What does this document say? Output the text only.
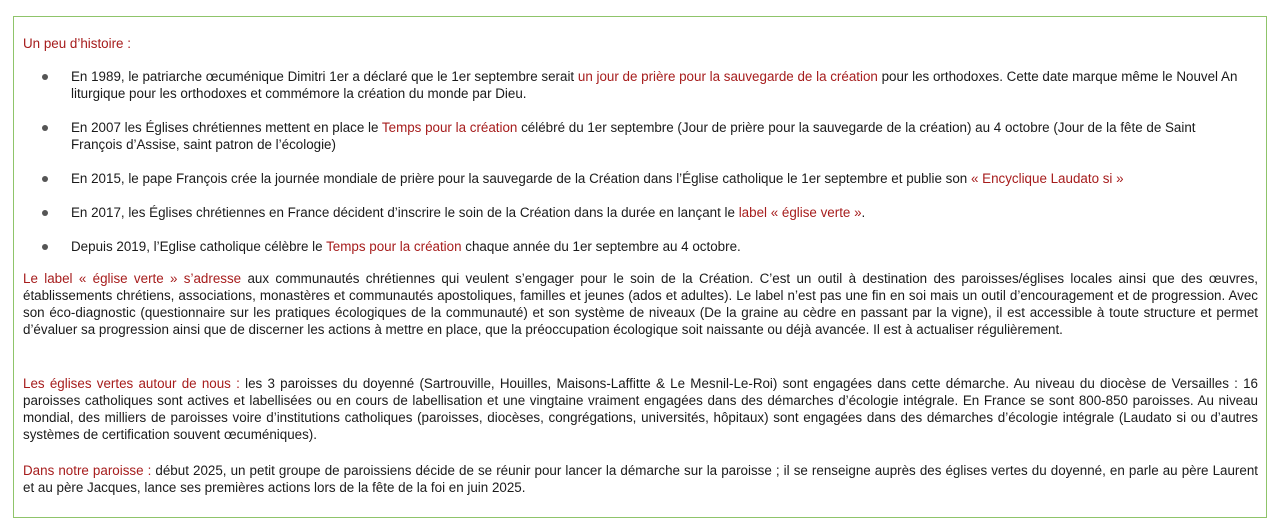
Un peu d’histoire :
En 1989, le patriarche œcuménique Dimitri 1er a déclaré que le 1er septembre serait un jour de prière pour la sauvegarde de la création pour les orthodoxes. Cette date marque même le Nouvel An liturgique pour les orthodoxes et commémore la création du monde par Dieu.
En 2007 les Églises chrétiennes mettent en place le Temps pour la création célébré du 1er septembre (Jour de prière pour la sauvegarde de la création) au 4 octobre (Jour de la fête de Saint François d’Assise, saint patron de l’écologie)
En 2015, le pape François crée la journée mondiale de prière pour la sauvegarde de la Création dans l’Église catholique le 1er septembre et publie son « Encyclique Laudato si »
En 2017, les Églises chrétiennes en France décident d’inscrire le soin de la Création dans la durée en lançant le label « église verte ».
Depuis 2019, l’Eglise catholique célèbre le Temps pour la création chaque année du 1er septembre au 4 octobre.

Le label « église verte » s’adresse aux communautés chrétiennes qui veulent s’engager pour le soin de la Création. C’est un outil à destination des paroisses/églises locales ainsi que des œuvres, établissements chrétiens, associations, monastères et communautés apostoliques, familles et jeunes (ados et adultes). Le label n’est pas une fin en soi mais un outil d’encouragement et de progression. Avec son éco-diagnostic (questionnaire sur les pratiques écologiques de la communauté) et son système de niveaux (De la graine au cèdre en passant par la vigne), il est accessible à toute structure et permet d’évaluer sa progression ainsi que de discerner les actions à mettre en place, que la préoccupation écologique soit naissante ou déjà avancée. Il est à actualiser régulièrement.

Les églises vertes autour de nous : les 3 paroisses du doyenné (Sartrouville, Houilles, Maisons-Laffitte & Le Mesnil-Le-Roi) sont engagées dans cette démarche. Au niveau du diocèse de Versailles : 16 paroisses catholiques sont actives et labellisées ou en cours de labellisation et une vingtaine vraiment engagées dans des démarches d’écologie intégrale. En France se sont 800-850 paroisses. Au niveau mondial, des milliers de paroisses voire d’institutions catholiques (paroisses, diocèses, congrégations, universités, hôpitaux) sont engagées dans des démarches d’écologie intégrale (Laudato si ou d’autres systèmes de certification souvent œcuméniques).

Dans notre paroisse : début 2025, un petit groupe de paroissiens décide de se réunir pour lancer la démarche sur la paroisse ; il se renseigne auprès des églises vertes du doyenné, en parle au père Laurent et au père Jacques, lance ses premières actions lors de la fête de la foi en juin 2025.
